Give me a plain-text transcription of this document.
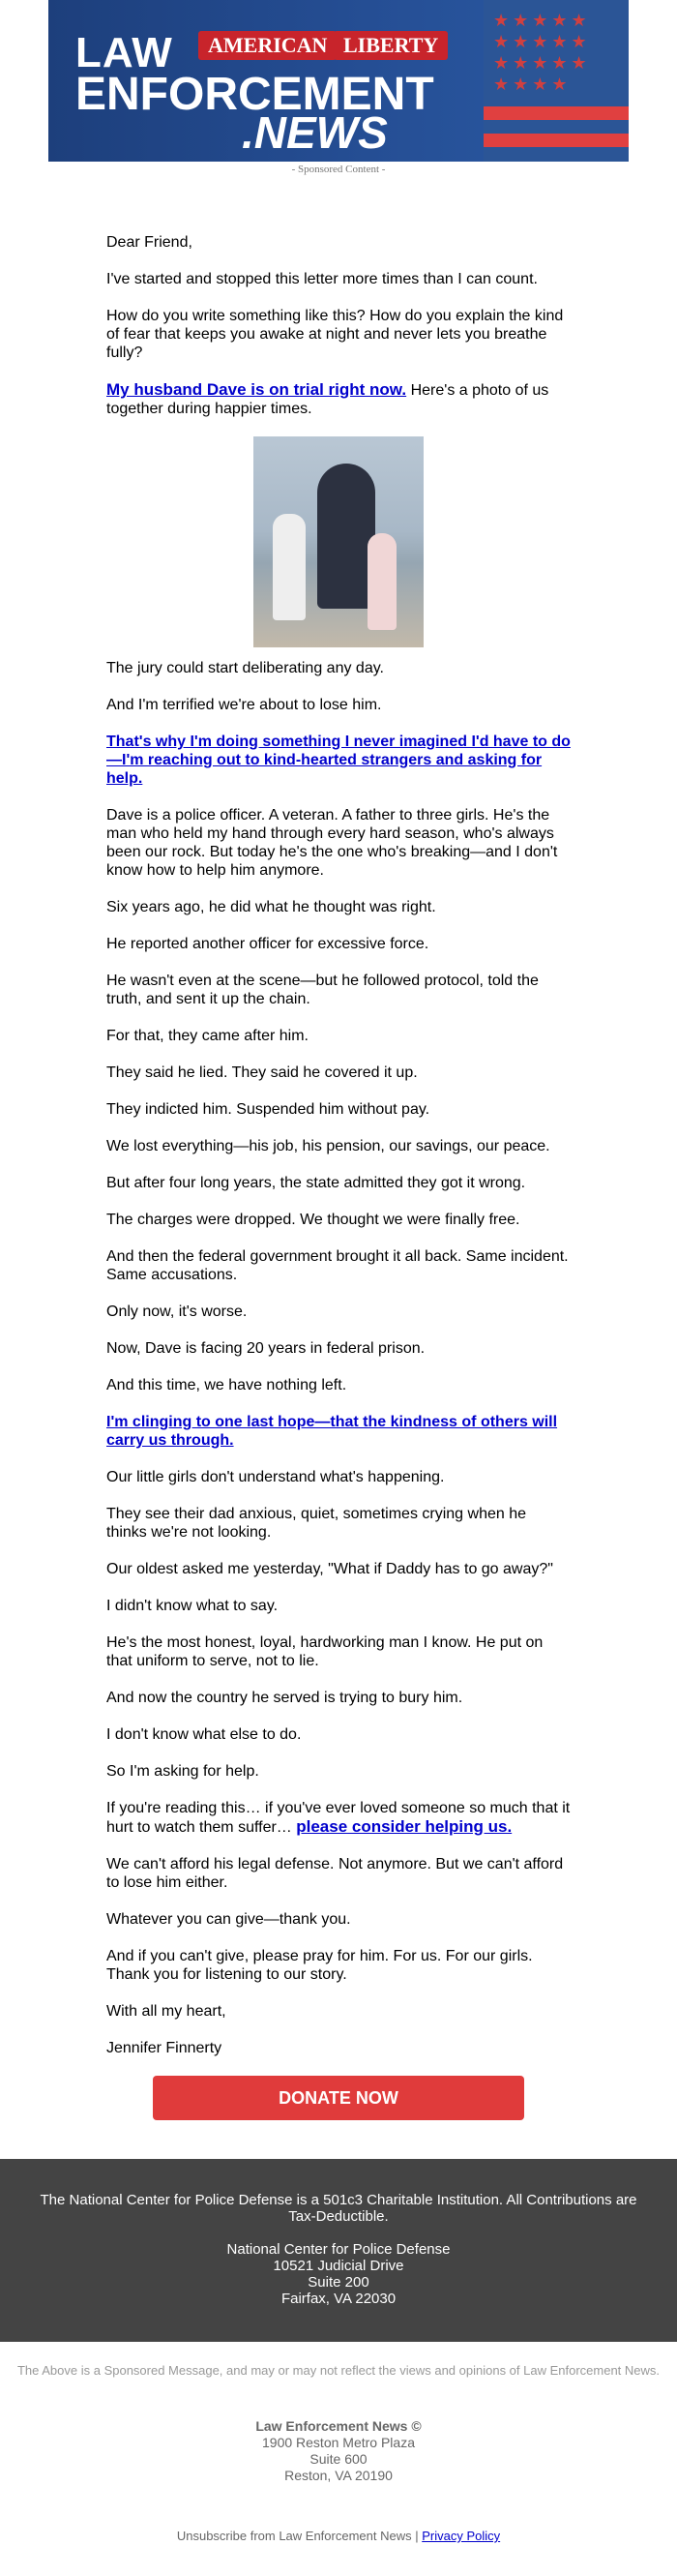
★★★★★ ★★★★★ ★★★★★ ★★★★
LAW	AMERICAN LIBERTY
ENFORCEMENT
.NEWS
- Sponsored Content -

Dear Friend,

I've started and stopped this letter more times than I can count.

How do you write something like this? How do you explain the kind of fear that keeps you awake at night and never lets you breathe fully?

My husband Dave is on trial right now. Here's a photo of us together during happier times.

The jury could start deliberating any day.

And I'm terrified we're about to lose him.

That's why I'm doing something I never imagined I'd have to do—I'm reaching out to kind-hearted strangers and asking for help.

Dave is a police officer. A veteran. A father to three girls. He's the man who held my hand through every hard season, who's always been our rock. But today he's the one who's breaking—and I don't know how to help him anymore.

Six years ago, he did what he thought was right.

He reported another officer for excessive force.

He wasn't even at the scene—but he followed protocol, told the truth, and sent it up the chain.

For that, they came after him.

They said he lied. They said he covered it up.

They indicted him. Suspended him without pay.

We lost everything—his job, his pension, our savings, our peace.

But after four long years, the state admitted they got it wrong.

The charges were dropped. We thought we were finally free.

And then the federal government brought it all back. Same incident. Same accusations.

Only now, it's worse.

Now, Dave is facing 20 years in federal prison.

And this time, we have nothing left.

I'm clinging to one last hope—that the kindness of others will carry us through.

Our little girls don't understand what's happening.

They see their dad anxious, quiet, sometimes crying when he thinks we're not looking.

Our oldest asked me yesterday, "What if Daddy has to go away?"

I didn't know what to say.

He's the most honest, loyal, hardworking man I know. He put on that uniform to serve, not to lie.

And now the country he served is trying to bury him.

I don't know what else to do.

So I'm asking for help.

If you're reading this… if you've ever loved someone so much that it hurt to watch them suffer… please consider helping us.

We can't afford his legal defense. Not anymore. But we can't afford to lose him either.

Whatever you can give—thank you.

And if you can't give, please pray for him. For us. For our girls. Thank you for listening to our story.

With all my heart,

Jennifer Finnerty

DONATE NOW

The National Center for Police Defense is a 501c3 Charitable Institution. All Contributions are Tax-Deductible.

National Center for Police Defense
10521 Judicial Drive
Suite 200
Fairfax, VA 22030
The Above is a Sponsored Message, and may or may not reflect the views and opinions of Law Enforcement News.
Law Enforcement News ©
1900 Reston Metro Plaza
Suite 600
Reston, VA 20190
Unsubscribe from Law Enforcement News | Privacy Policy
